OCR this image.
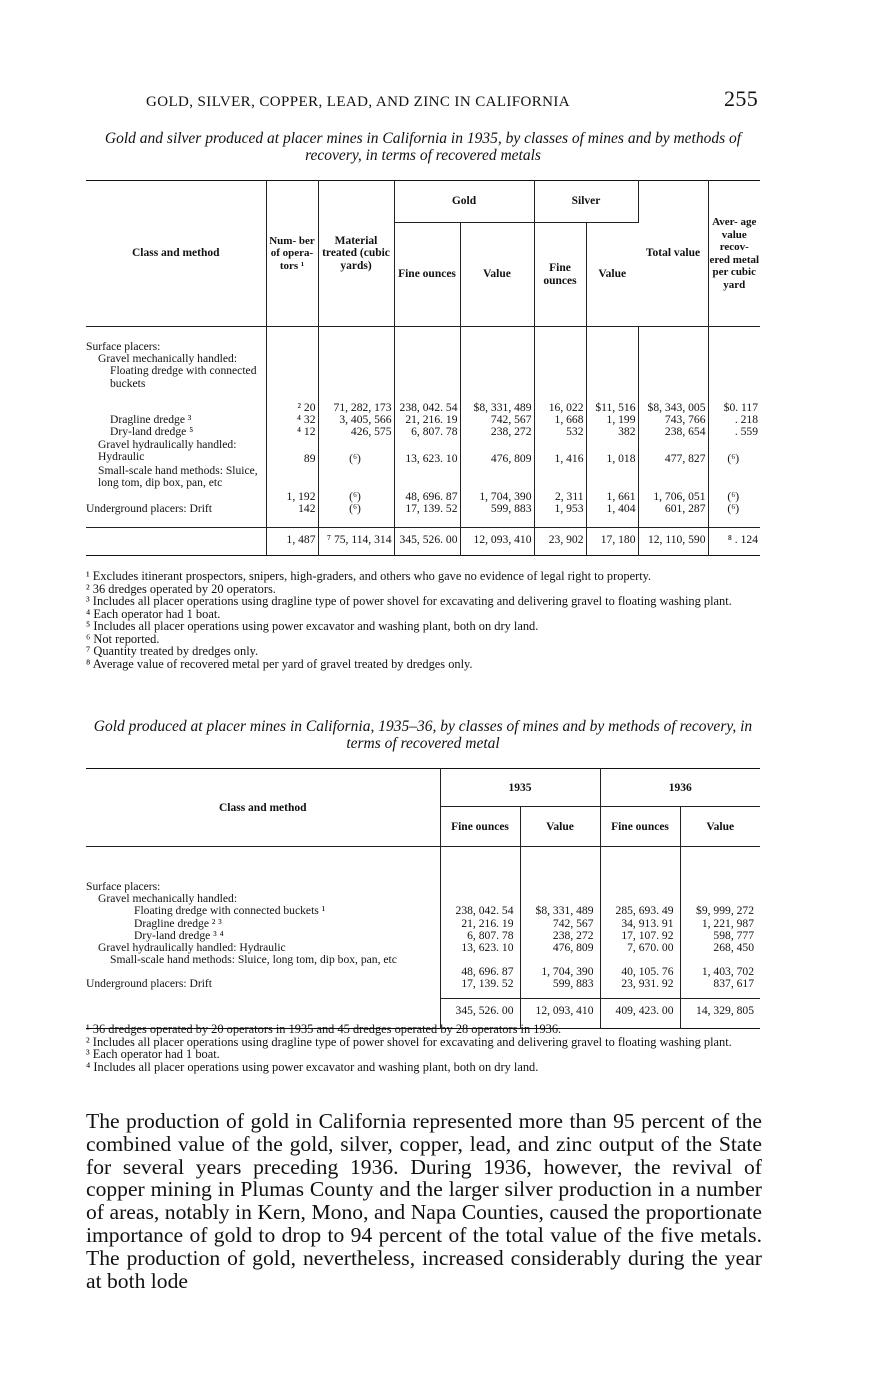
GOLD, SILVER, COPPER, LEAD, AND ZINC IN CALIFORNIA	255
Gold and silver produced at placer mines in California in 1935, by classes of mines and by methods of recovery, in terms of recovered metals
Class and method	Num- ber of opera- tors ¹	Material treated (cubic yards)	Gold		Silver		Total value	Aver- age value recov- ered metal per cubic yard
			Fine ounces	Value	Fine ounces	Value		

Surface placers:
Gravel mechanically handled:
Floating dredge with connected buckets	² 20	71, 282, 173	238, 042. 54	$8, 331, 489	16, 022	$11, 516	$8, 343, 005	$0. 117
Dragline dredge ³	⁴ 32	3, 405, 566	21, 216. 19	742, 567	1, 668	1, 199	743, 766	. 218
Dry-land dredge ⁵	⁴ 12	426, 575	6, 807. 78	238, 272	532	382	238, 654	. 559
Gravel hydraulically handled: Hydraulic	89	(⁶)	13, 623. 10	476, 809	1, 416	1, 018	477, 827	(⁶)
Small-scale hand methods: Sluice, long tom, dip box, pan, etc	1, 192	(⁶)	48, 696. 87	1, 704, 390	2, 311	1, 661	1, 706, 051	(⁶)
Underground placers: Drift	142	(⁶)	17, 139. 52	599, 883	1, 953	1, 404	601, 287	(⁶)
	1, 487	⁷ 75, 114, 314	345, 526. 00	12, 093, 410	23, 902	17, 180	12, 110, 590	⁸ . 124
¹ Excludes itinerant prospectors, snipers, high-graders, and others who gave no evidence of legal right to property.
² 36 dredges operated by 20 operators.
³ Includes all placer operations using dragline type of power shovel for excavating and delivering gravel to floating washing plant.
⁴ Each operator had 1 boat.
⁵ Includes all placer operations using power excavator and washing plant, both on dry land.
⁶ Not reported.
⁷ Quantity treated by dredges only.
⁸ Average value of recovered metal per yard of gravel treated by dredges only.
Gold produced at placer mines in California, 1935–36, by classes of mines and by methods of recovery, in terms of recovered metal
Class and method	1935		1936	
	Fine ounces	Value	Fine ounces	Value

Surface placers:
Gravel mechanically handled:
Floating dredge with connected buckets ¹	238, 042. 54	$8, 331, 489	285, 693. 49	$9, 999, 272
Dragline dredge ² ³	21, 216. 19	742, 567	34, 913. 91	1, 221, 987
Dry-land dredge ³ ⁴	6, 807. 78	238, 272	17, 107. 92	598, 777
Gravel hydraulically handled: Hydraulic	13, 623. 10	476, 809	7, 670. 00	268, 450
Small-scale hand methods: Sluice, long tom, dip box, pan, etc	48, 696. 87	1, 704, 390	40, 105. 76	1, 403, 702
Underground placers: Drift	17, 139. 52	599, 883	23, 931. 92	837, 617
	345, 526. 00	12, 093, 410	409, 423. 00	14, 329, 805
¹ 36 dredges operated by 20 operators in 1935 and 45 dredges operated by 28 operators in 1936.
² Includes all placer operations using dragline type of power shovel for excavating and delivering gravel to floating washing plant.
³ Each operator had 1 boat.
⁴ Includes all placer operations using power excavator and washing plant, both on dry land.
The production of gold in California represented more than 95 percent of the combined value of the gold, silver, copper, lead, and zinc output of the State for several years preceding 1936. During 1936, however, the revival of copper mining in Plumas County and the larger silver production in a number of areas, notably in Kern, Mono, and Napa Counties, caused the proportionate importance of gold to drop to 94 percent of the total value of the five metals. The production of gold, nevertheless, increased considerably during the year at both lode
